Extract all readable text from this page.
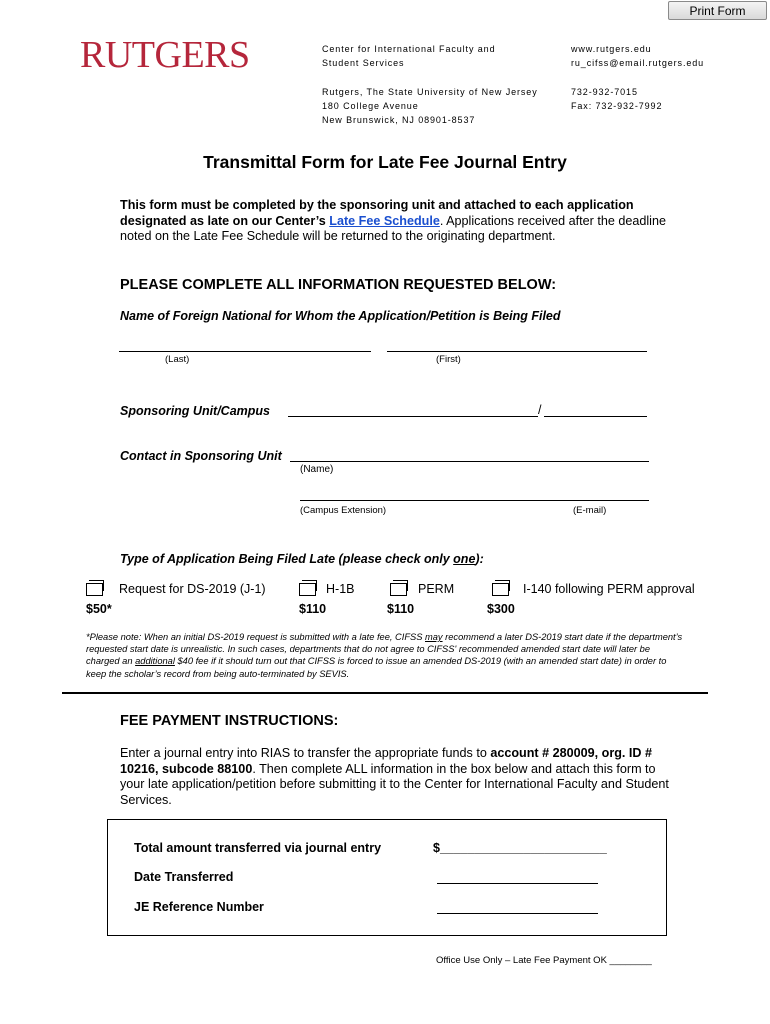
Print Form
RUTGERS	Center for International Faculty and
Student Services
Rutgers, The State University of New Jersey
180 College Avenue
New Brunswick, NJ 08901-8537
www.rutgers.edu
ru_cifss@email.rutgers.edu
732-932-7015
Fax: 732-932-7992
Transmittal Form for Late Fee Journal Entry
This form must be completed by the sponsoring unit and attached to each application designated as late on our Center’s Late Fee Schedule. Applications received after the deadline noted on the Late Fee Schedule will be returned to the originating department.
PLEASE COMPLETE ALL INFORMATION REQUESTED BELOW:
Name of Foreign National for Whom the Application/Petition is Being Filed
(Last)	(First)
Sponsoring Unit/Campus	/
Contact in Sponsoring Unit
(Name)
(Campus Extension)	(E-mail)
Type of Application Being Filed Late (please check only one):
Request for DS-2019 (J-1)
$50*
H-1B
$110
PERM
$110
I-140 following PERM approval
$300
*Please note: When an initial DS-2019 request is submitted with a late fee, CIFSS may recommend a later DS-2019 start date if the department’s requested start date is unrealistic. In such cases, departments that do not agree to CIFSS' recommended amended start date will later be charged an additional $40 fee if it should turn out that CIFSS is forced to issue an amended DS-2019 (with an amended start date) in order to keep the scholar’s record from being auto-terminated by SEVIS.
FEE PAYMENT INSTRUCTIONS:
Enter a journal entry into RIAS to transfer the appropriate funds to account # 280009, org. ID # 10216, subcode 88100. Then complete ALL information in the box below and attach this form to your late application/petition before submitting it to the Center for International Faculty and Student Services.
Total amount transferred via journal entry	$________________________
Date Transferred
JE Reference Number
Office Use Only – Late Fee Payment OK ________
